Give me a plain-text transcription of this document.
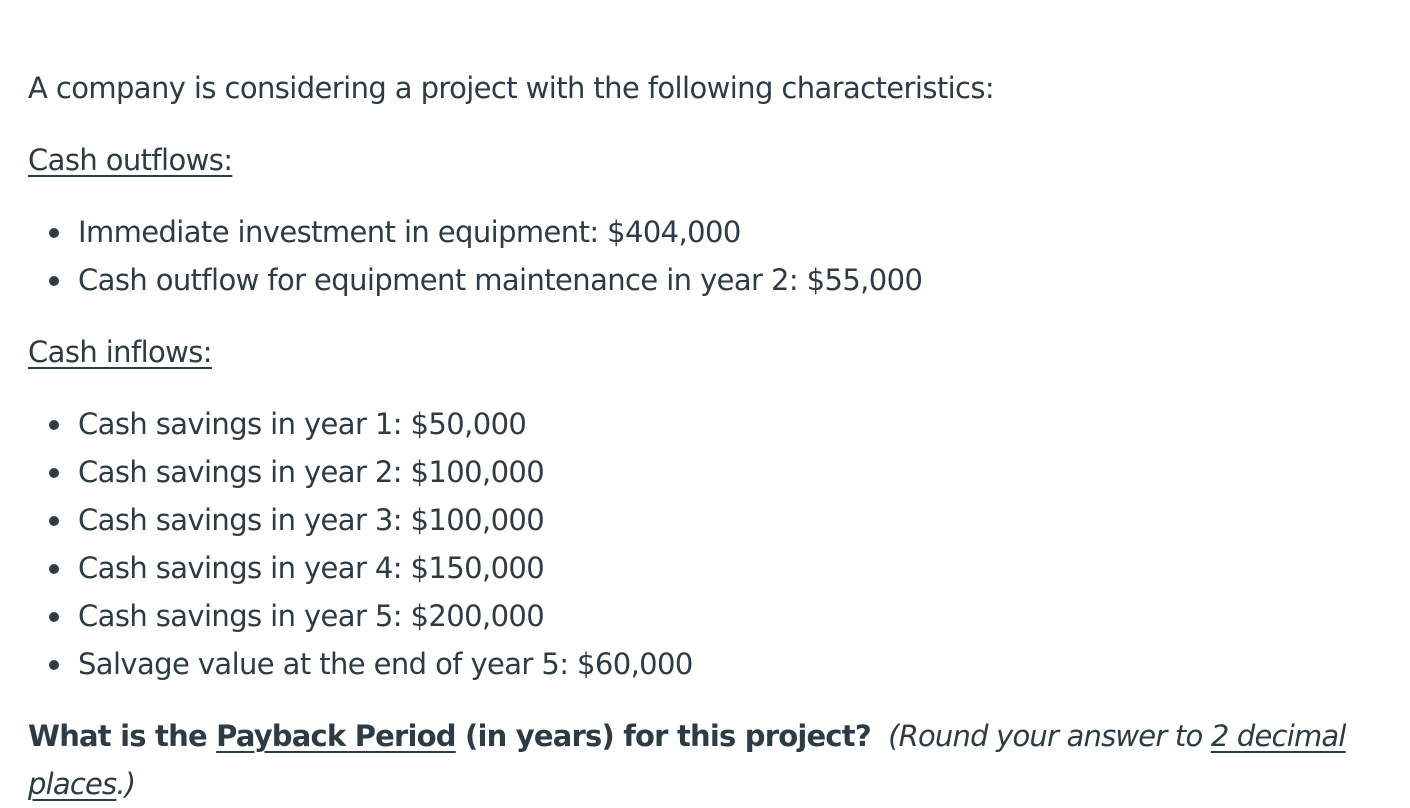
A company is considering a project with the following characteristics:

Cash outflows:

Immediate investment in equipment: $404,000
Cash outflow for equipment maintenance in year 2: $55,000

Cash inflows:

Cash savings in year 1: $50,000
Cash savings in year 2: $100,000
Cash savings in year 3: $100,000
Cash savings in year 4: $150,000
Cash savings in year 5: $200,000
Salvage value at the end of year 5: $60,000

What is the Payback Period (in years) for this project? (Round your answer to 2 decimal places.)
